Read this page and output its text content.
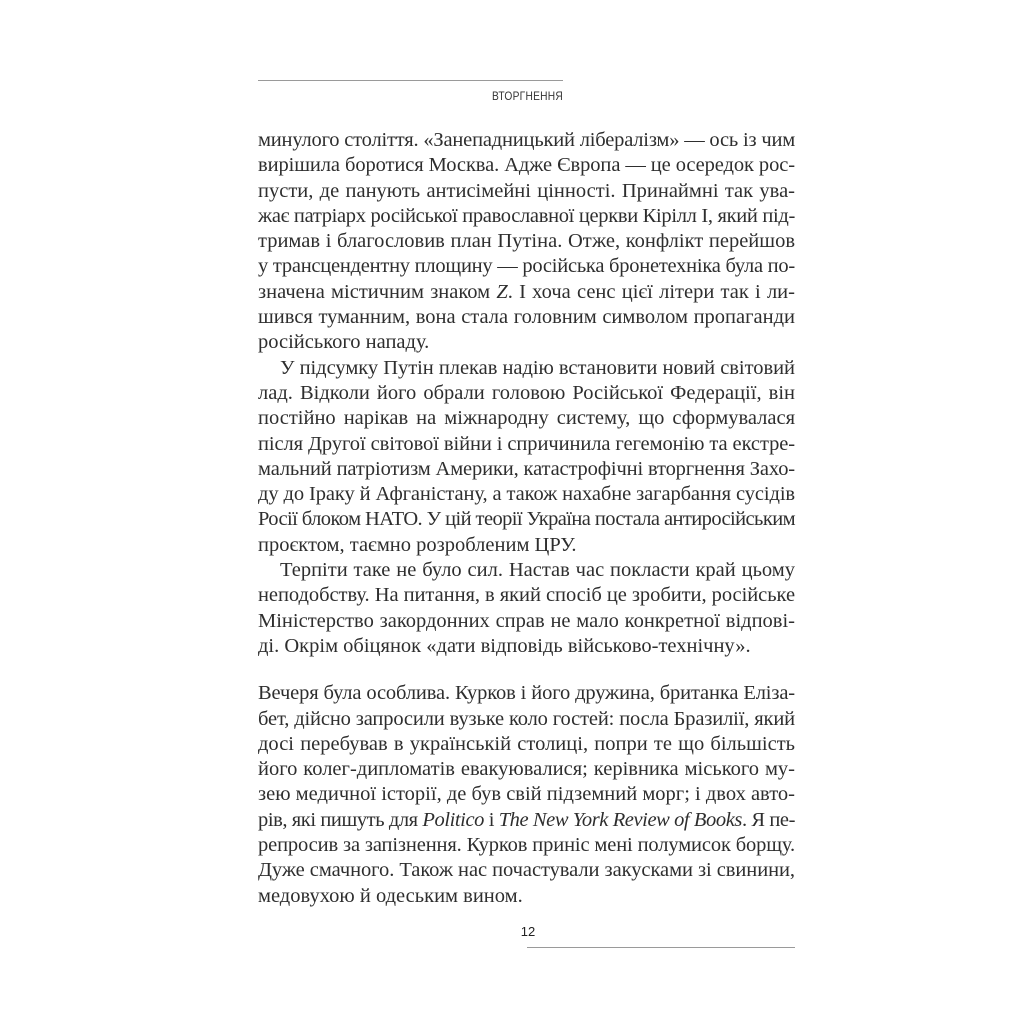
ВТОРГНЕННЯ
минулого століття. «Занепадницький лібералізм» — ось із чим
вирішила боротися Москва. Адже Європа — це осередок роc-
пусти, де панують антисімейні цінності. Принаймні так ува-
жає патріарх російської православної церкви Кірілл I, який під-
тримав і благословив план Путіна. Отже, конфлікт перейшов
у трансцендентну площину — російська бронетехніка була по-
значена містичним знаком Z. І хоча сенс цієї літери так і ли-
шився туманним, вона стала головним символом пропаганди
російського нападу.
У підсумку Путін плекав надію встановити новий світовий
лад. Відколи його обрали головою Російської Федерації, він
постійно нарікав на міжнародну систему, що сформувалася
після Другої світової війни і спричинила гегемонію та екстре-
мальний патріотизм Америки, катастрофічні вторгнення Захо-
ду до Іраку й Афганістану, а також нахабне загарбання сусідів
Росії блоком НАТО. У цій теорії Україна постала антиросійським
проєктом, таємно розробленим ЦРУ.
Терпіти таке не було сил. Настав час покласти край цьому
неподобству. На питання, в який спосіб це зробити, російське
Міністерство закордонних справ не мало конкретної відпові-
ді. Окрім обіцянок «дати відповідь військово-технічну».
Вечеря була особлива. Курков і його дружина, британка Еліза-
бет, дійсно запросили вузьке коло гостей: посла Бразилії, який
досі перебував в українській столиці, попри те що більшість
його колег-дипломатів евакуювалися; керівника міського му-
зею медичної історії, де був свій підземний морг; і двох авто-
рів, які пишуть для Politico і The New York Review of Books. Я пе-
репросив за запізнення. Курков приніс мені полумисок борщу.
Дуже смачного. Також нас почастували закусками зі свинини,
медовухою й одеським вином.
12
